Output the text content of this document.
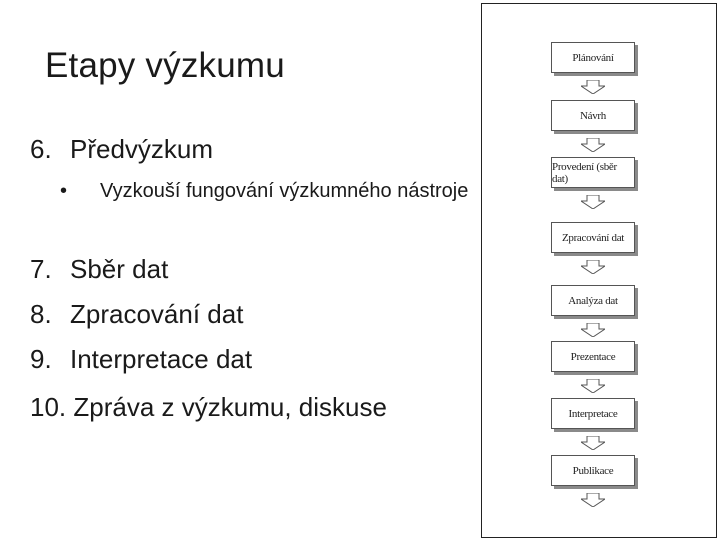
Etapy výzkumu
6. Předvýzkum
• Vyzkouší fungování výzkumného nástroje
7. Sběr dat
8. Zpracování dat
9. Interpretace dat
10. Zpráva z výzkumu, diskuse
Plánování
Návrh
Provedení (sběr dat)
Zpracování dat
Analýza dat
Prezentace
Interpretace
Publikace
